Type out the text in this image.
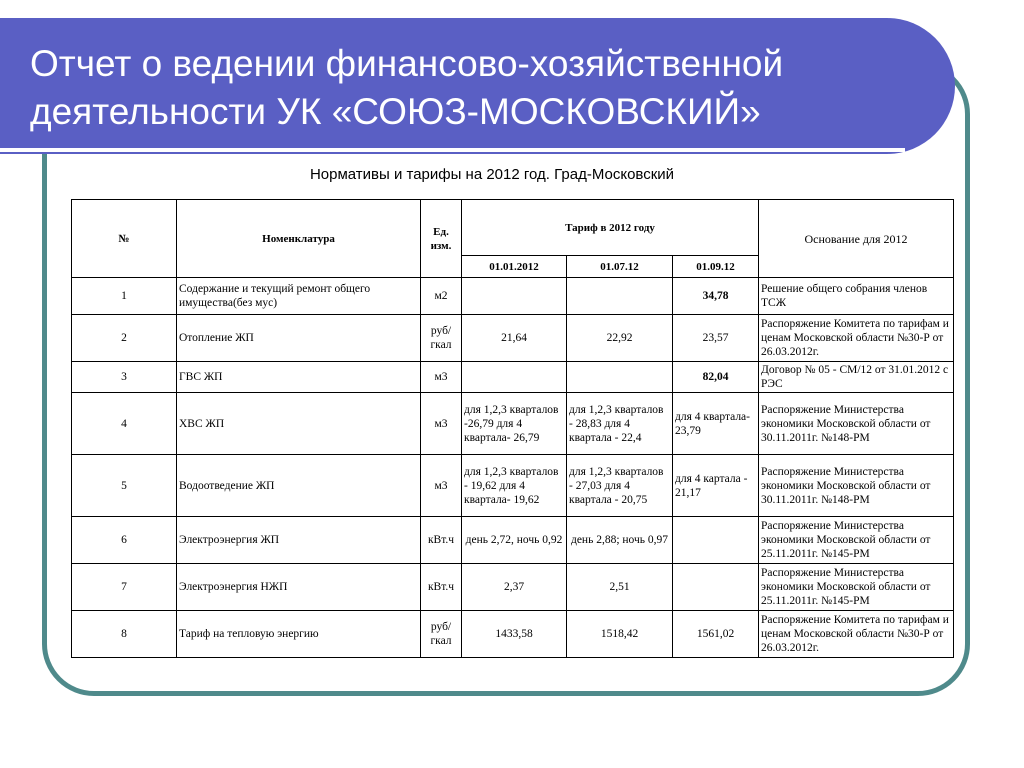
Отчет о ведении финансово-хозяйственной
деятельности УК «СОЮЗ-МОСКОВСКИЙ»
Нормативы и тарифы на 2012 год. Град-Московский
№	Номенклатура	Ед. изм.	Тариф в 2012 году			Основание для 2012
			01.01.2012	01.07.12	01.09.12	
1	Содержание и текущий ремонт общего имущества(без мус)	м2			34,78	Решение общего собрания членов ТСЖ
2	Отопление ЖП	руб/гкал	21,64	22,92	23,57	Распоряжение Комитета по тарифам и ценам Московской области №30-Р от 26.03.2012г.
3	ГВС ЖП	м3			82,04	Договор № 05 - СМ/12 от 31.01.2012 с РЭС
4	ХВС ЖП	м3	для 1,2,3 кварталов -26,79 для 4 квартала- 26,79	для 1,2,3 кварталов - 28,83 для 4 квартала - 22,4	для 4 квартала- 23,79	Распоряжение Министерства экономики Московской области от 30.11.2011г. №148-РМ
5	Водоотведение ЖП	м3	для 1,2,3 кварталов - 19,62 для 4 квартала- 19,62	для 1,2,3 кварталов - 27,03 для 4 квартала - 20,75	для 4 картала - 21,17	Распоряжение Министерства экономики Московской области от 30.11.2011г. №148-РМ
6	Электроэнергия ЖП	кВт.ч	день 2,72, ночь 0,92	день 2,88; ночь 0,97		Распоряжение Министерства экономики Московской области от 25.11.2011г. №145-РМ
7	Электроэнергия НЖП	кВт.ч	2,37	2,51		Распоряжение Министерства экономики Московской области от 25.11.2011г. №145-РМ
8	Тариф на тепловую энергию	руб/гкал	1433,58	1518,42	1561,02	Распоряжение Комитета по тарифам и ценам Московской области №30-Р от 26.03.2012г.
